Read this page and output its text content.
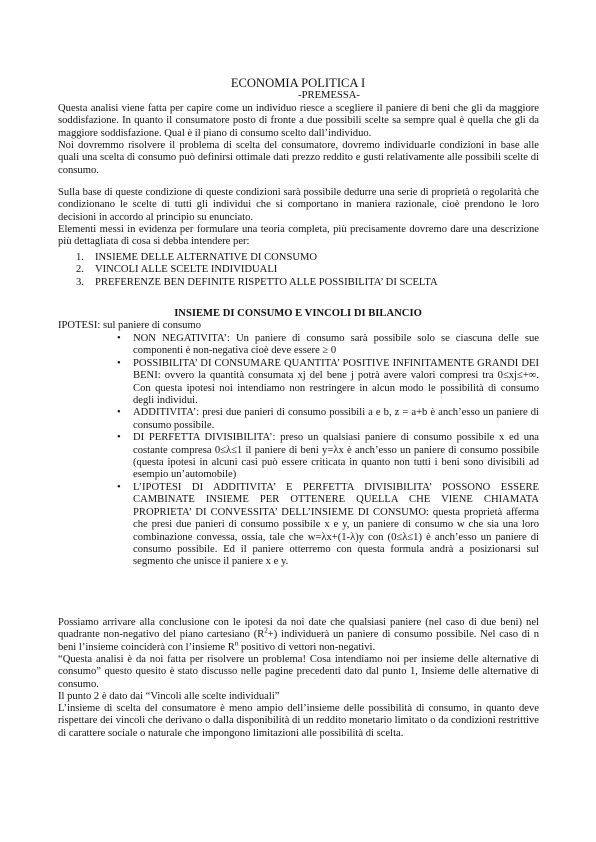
ECONOMIA POLITICA I
-PREMESSA-
Questa analisi viene fatta per capire come un individuo riesce a scegliere il paniere di beni che gli da maggiore soddisfazione. In quanto il consumatore posto di fronte a due possibili scelte sa sempre qual è quella che gli da maggiore soddisfazione. Qual è il piano di consumo scelto dall’individuo.
Noi dovremmo risolvere il problema di scelta del consumatore, dovremo individuarle condizioni in base alle quali una scelta di consumo può definirsi ottimale dati prezzo reddito e gusti relativamente alle possibili scelte di consumo.
Sulla base di queste condizione di queste condizioni sarà possibile dedurre una serie di proprietà o regolarità che condizionano le scelte di tutti gli individui che si comportano in maniera razionale, cioè prendono le loro decisioni in accordo al principio su enunciato.
Elementi messi in evidenza per formulare una teoria completa, più precisamente dovremo dare una descrizione più dettagliata di cosa si debba intendere per:
1. INSIEME DELLE ALTERNATIVE DI CONSUMO
2. VINCOLI ALLE SCELTE INDIVIDUALI
3. PREFERENZE BEN DEFINITE RISPETTO ALLE POSSIBILITA’ DI SCELTA
INSIEME DI CONSUMO E VINCOLI DI BILANCIO
IPOTESI: sul paniere di consumo
• NON NEGATIVITA’: Un paniere di consumo sarà possibile solo se ciascuna delle sue componenti è non-negativa cioè deve essere ≥ 0
• POSSIBILITA’ DI CONSUMARE QUANTITA’ POSITIVE INFINITAMENTE GRANDI DEI BENI: ovvero la quantità consumata xj del bene j potrà avere valori compresi tra 0≤xj≤+∞. Con questa ipotesi noi intendiamo non restringere in alcun modo le possibilità di consumo degli individui.
• ADDITIVITA’: presi due panieri di consumo possibili a e b, z = a+b è anch’esso un paniere di consumo possibile.
• DI PERFETTA DIVISIBILITA’: preso un qualsiasi paniere di consumo possibile x ed una costante compresa 0≤λ≤1 il paniere di beni y=λx è anch’esso un paniere di consumo possibile (questa ipotesi in alcuni casi può essere criticata in quanto non tutti i beni sono divisibili ad esempio un’automobile)
• L’IPOTESI DI ADDITIVITA’ E PERFETTA DIVISIBILITA’ POSSONO ESSERE CAMBINATE INSIEME PER OTTENERE QUELLA CHE VIENE CHIAMATA PROPRIETA’ DI CONVESSITA’ DELL’INSIEME DI CONSUMO: questa proprietà afferma che presi due panieri di consumo possibile x e y, un paniere di consumo w che sia una loro combinazione convessa, ossia, tale che w=λx+(1-λ)y con (0≤λ≤1) è anch’esso un paniere di consumo possibile. Ed il paniere otterremo con questa formula andrà a posizionarsi sul segmento che unisce il paniere x e y.
Possiamo arrivare alla conclusione con le ipotesi da noi date che qualsiasi paniere (nel caso di due beni) nel quadrante non-negativo del piano cartesiano $(R^2+)$ individuerà un paniere di consumo possibile. Nel caso di n beni l’insieme coinciderà con l’insieme $R^n$ positivo di vettori non-negativi.
“Questa analisi è da noi fatta per risolvere un problema! Cosa intendiamo noi per insieme delle alternative di consumo” questo quesito è stato discusso nelle pagine precedenti dato dal punto 1, Insieme delle alternative di consumo.
Il punto 2 è dato dai “Vincoli alle scelte individuali”
L’insieme di scelta del consumatore è meno ampio dell’insieme delle possibilità di consumo, in quanto deve rispettare dei vincoli che derivano o dalla disponibilità di un reddito monetario limitato o da condizioni restrittive di carattere sociale o naturale che impongono limitazioni alle possibilità di scelta.
